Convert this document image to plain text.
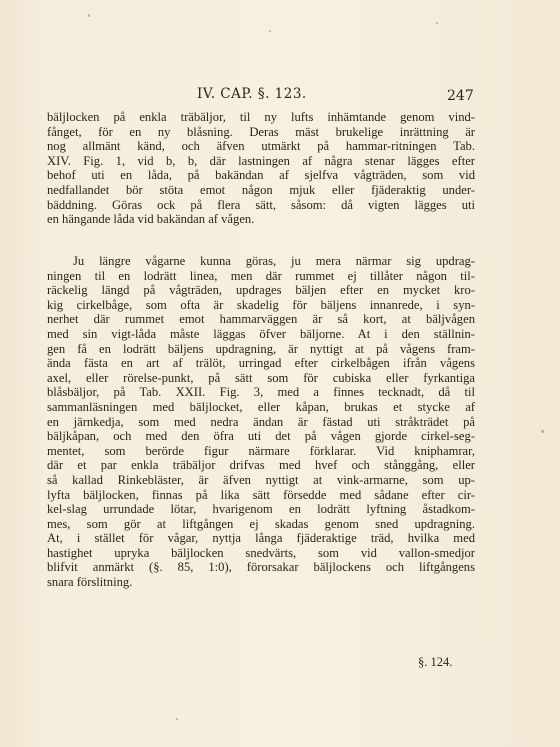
IV. CAP. §. 123.	247
bäljlocken på enkla träbäljor, til ny lufts inhämtande genom vind-
fånget, för en ny blåsning. Deras mäst brukelige inrättning är
nog allmänt känd, och äfven utmärkt på hammar-ritningen Tab.
XIV. Fig. 1, vid b, b, där lastningen af några stenar lägges efter
behof uti en låda, på bakändan af sjelfva vågträden, som vid
nedfallandet bör stöta emot någon mjuk eller fjäderaktig under-
bäddning. Göras ock på flera sätt, såsom: då vigten lägges uti
en hängande låda vid bakändan af vågen.
Ju längre vågarne kunna göras, ju mera närmar sig updrag-
ningen til en lodrätt linea, men där rummet ej tillåter någon til-
räckelig längd på vågträden, updrages bäljen efter en mycket kro-
kig cirkelbåge, som ofta är skadelig för bäljens innanrede, i syn-
nerhet där rummet emot hammarväggen är så kort, at bäljvågen
med sin vigt-låda måste läggas öfver bäljorne. At i den ställnin-
gen få en lodrätt bäljens updragning, är nyttigt at på vågens fram-
ända fästa en art af trälöt, urringad efter cirkelbågen ifrån vågens
axel, eller rörelse-punkt, på sätt som för cubiska eller fyrkantiga
blåsbäljor, på Tab. XXII. Fig. 3, med a finnes tecknadt, då til
sammanläsningen med bäljlocket, eller kåpan, brukas et stycke af
en järnkedja, som med nedra ändan är fästad uti stråkträdet på
bäljkåpan, och med den öfra uti det på vågen gjorde cirkel-seg-
mentet, som berörde figur närmare förklarar. Vid kniphamrar,
där et par enkla träbäljor drifvas med hvef och stånggång, eller
så kallad Rinkebläster, är äfven nyttigt at vink-armarne, som up-
lyfta bäljlocken, finnas på lika sätt försedde med sådane efter cir-
kel-slag urrundade lötar, hvarigenom en lodrätt lyftning åstadkom-
mes, som gör at liftgången ej skadas genom sned updragning.
At, i stället för vågar, nyttja långa fjäderaktige träd, hvilka med
hastighet upryka bäljlocken snedvärts, som vid vallon-smedjor
blifvit anmärkt (§. 85, 1:0), förorsakar bäljlockens och liftgångens
snara förslitning.
§. 124.
